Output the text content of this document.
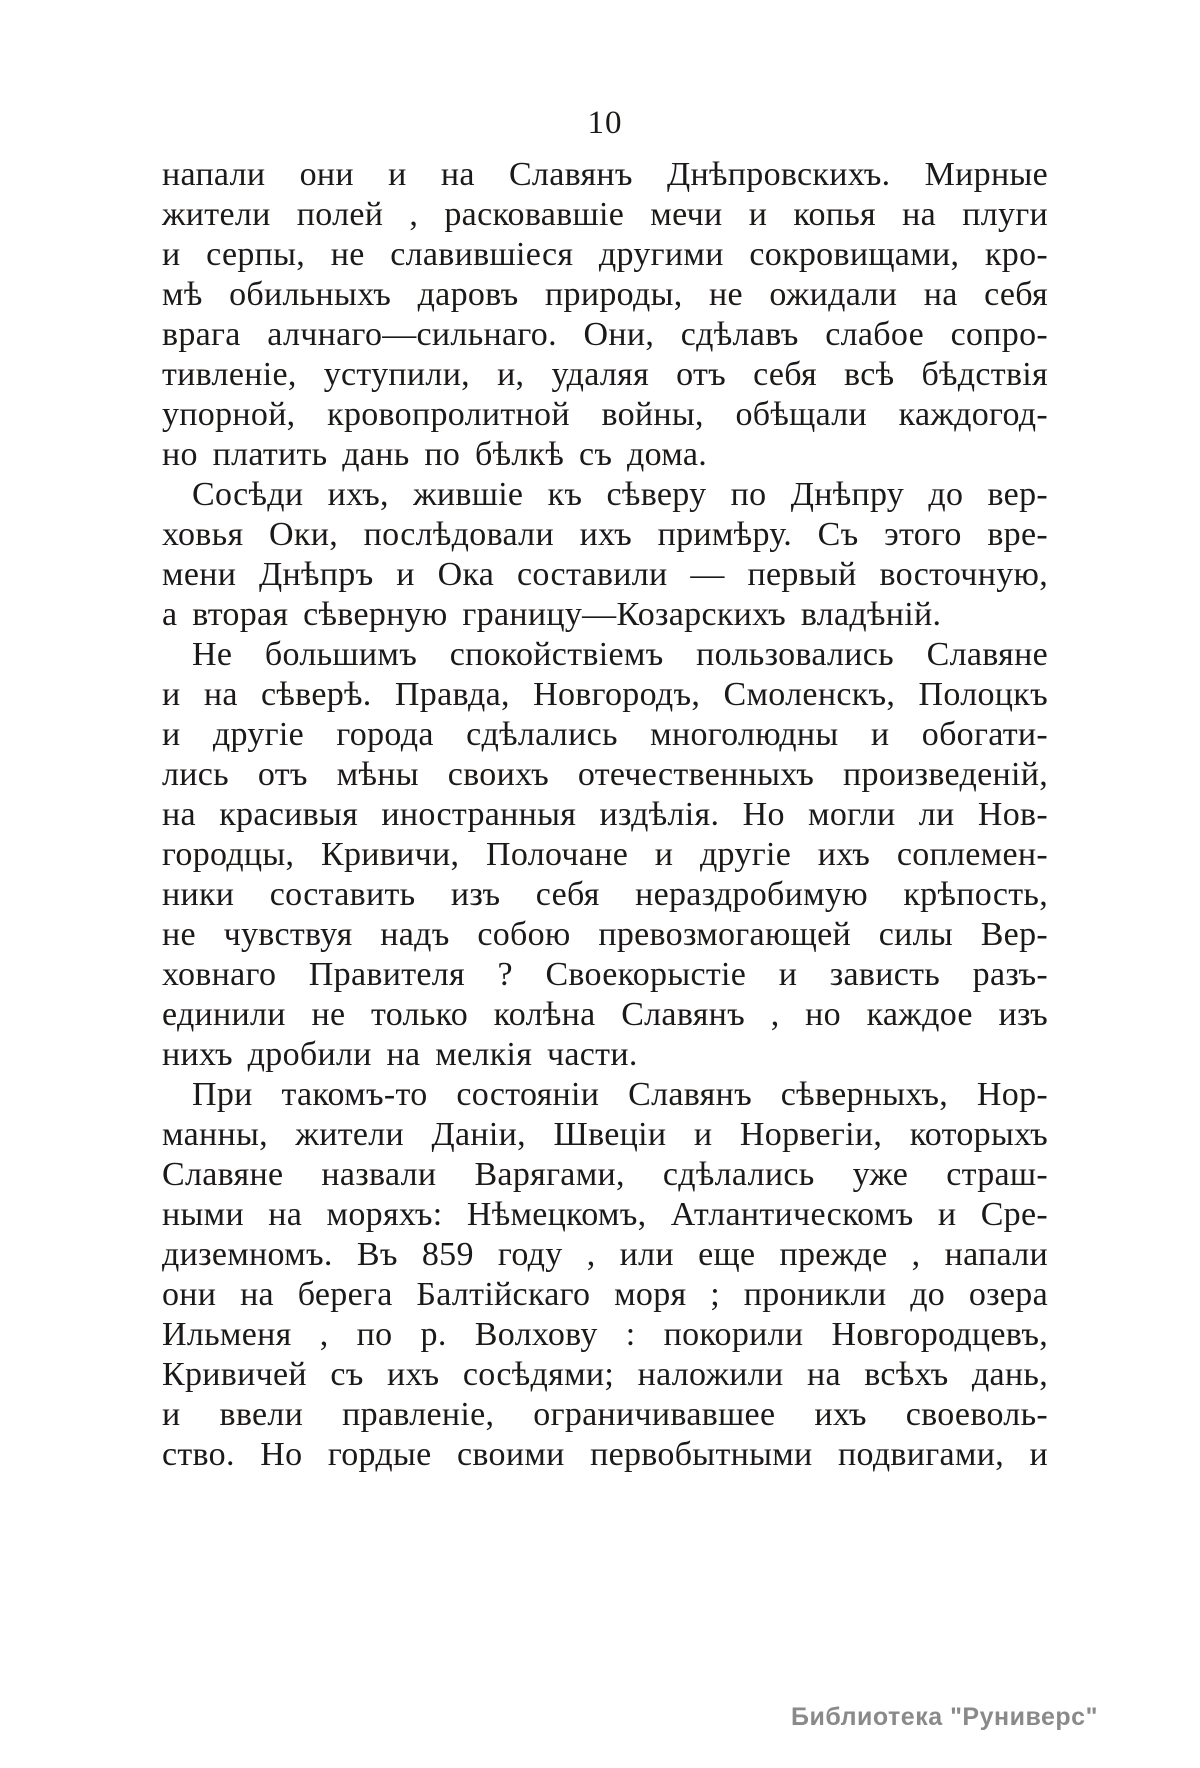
10
напали они и на Славянъ Днѣпровскихъ. Мирные
жители полей , расковавшіе мечи и копья на плуги
и серпы, не славившіеся другими сокровищами, кро-
мѣ обильныхъ даровъ природы, не ожидали на себя
врага алчнаго—сильнаго. Они, сдѣлавъ слабое сопро-
тивленіе, уступили, и, удаляя отъ себя всѣ бѣдствія
упорной, кровопролитной войны, обѣщали каждогод-
но платить дань по бѣлкѣ съ дома.
Сосѣди ихъ, жившіе къ сѣверу по Днѣпру до вер-
ховья Оки, послѣдовали ихъ примѣру. Съ этого вре-
мени Днѣпръ и Ока составили — первый восточную,
а вторая сѣверную границу—Козарскихъ владѣній.
Не большимъ спокойствіемъ пользовались Славяне
и на сѣверѣ. Правда, Новгородъ, Смоленскъ, Полоцкъ
и другіе города сдѣлались многолюдны и обогати-
лись отъ мѣны своихъ отечественныхъ произведеній,
на красивыя иностранныя издѣлія. Но могли ли Нов-
городцы, Кривичи, Полочане и другіе ихъ соплемен-
ники составить изъ себя нераздробимую крѣпость,
не чувствуя надъ собою превозмогающей силы Вер-
ховнаго Правителя ? Своекорыстіе и зависть разъ-
единили не только колѣна Славянъ , но каждое изъ
нихъ дробили на мелкія части.
При такомъ-то состояніи Славянъ сѣверныхъ, Нор-
манны, жители Даніи, Швеціи и Норвегіи, которыхъ
Славяне назвали Варягами, сдѣлались уже страш-
ными на моряхъ: Нѣмецкомъ, Атлантическомъ и Сре-
диземномъ. Въ 859 году , или еще прежде , напали
они на берега Балтійскаго моря ; проникли до озера
Ильменя , по р. Волхову : покорили Новгородцевъ,
Кривичей съ ихъ сосѣдями; наложили на всѣхъ дань,
и ввели правленіе, ограничивавшее ихъ своеволь-
ство. Но гордые своими первобытными подвигами, и
Библиотека "Руниверс"
